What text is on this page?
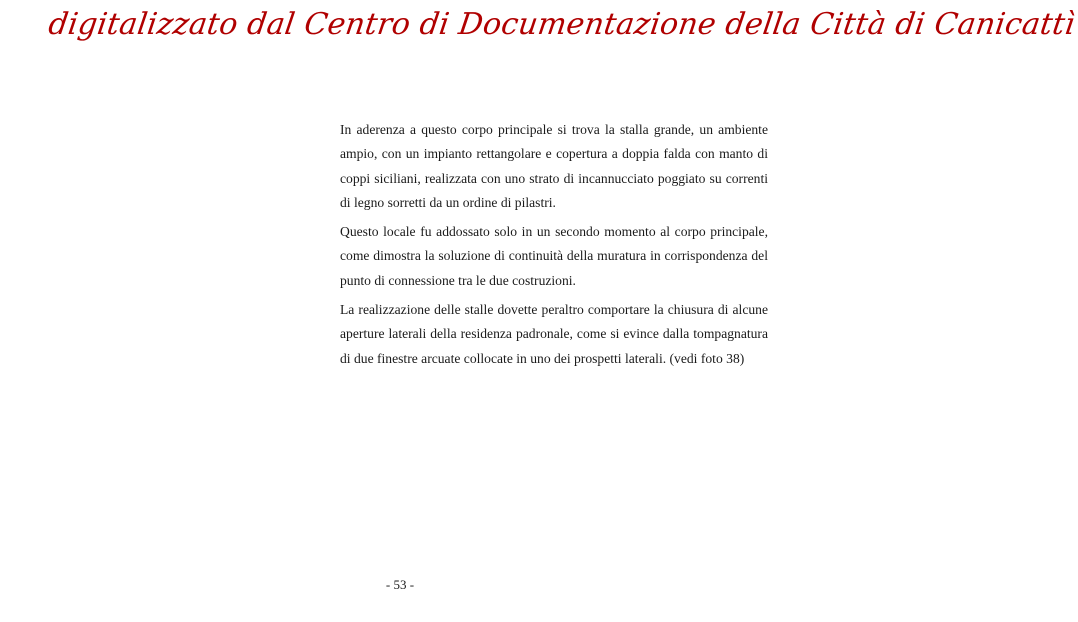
digitalizzato dal Centro di Documentazione della Città di Canicattì

In aderenza a questo corpo principale si trova la stalla grande, un ambiente ampio, con un impianto rettangolare e copertura a doppia falda con manto di coppi siciliani, realizzata con uno strato di incannucciato poggiato su correnti di legno sorretti da un ordine di pilastri.

Questo locale fu addossato solo in un secondo momento al corpo principale, come dimostra la soluzione di continuità della muratura in corrispondenza del punto di connessione tra le due costruzioni.

La realizzazione delle stalle dovette peraltro comportare la chiusura di alcune aperture laterali della residenza padronale, come si evince dalla tompagnatura di due finestre arcuate collocate in uno dei prospetti laterali. (vedi foto 38)

- 53 -
